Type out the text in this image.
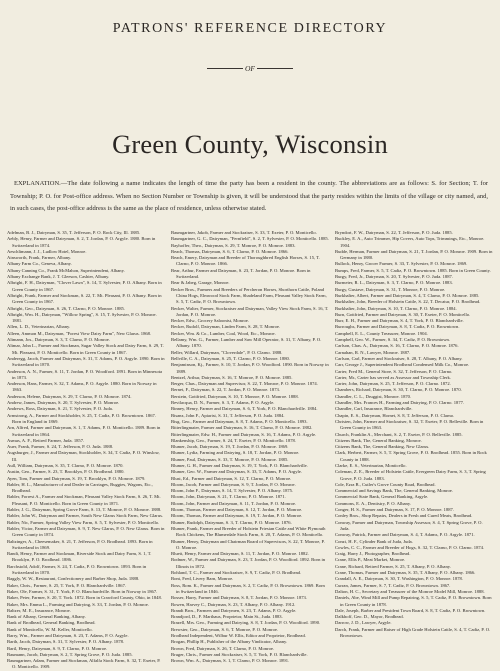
PATRONS' REFERENCE DIRECTORY
OF
Green County, Wisconsin
EXPLANATION.—The date following a name indicates the length of time the party has been a resident in the county. The abbreviations are as follows: S. for Section; T. for Township; P. O. for Post-office address. When no Section Number or Township is given, it will be understood that the party resides within the limits of the village or city named, and, in such cases, the post-office address is the same as the place of residence, unless otherwise stated.
Adelman, B. J., Dairyman, S. 35, T. Jefferson, P. O. Rock City, Ill. 1885.
Aebly, Henry, Farmer and Dairyman, S. 2, T. Jordan, P. O. Argyle. 1880. Born in Switzerland in 1874.
Aeschlimann, J. J., Ludlow Hotel, Monroe.
Ainsworth, Frank, Farmer, Albany.
Albany Farm Co., Geneva, Albany.
Albany Canning Co., Frank McMahon, Superintendent, Albany.
Albany Exchange Bank, J. T. Gleeson, Cashier, Albany.
Albright, F. H., Dairyman, "Clover Lawn", S. 14, T. Sylvester, P. O. Albany. Born in Green County in 1867.
Albright, Frank, Farmer and Stockman, S. 22, T. Mt. Pleasant, P. O. Albany. Born in Green County in 1867.
Albright, Geo., Dairyman, S. 26, T. Clarno, P. O. Monroe. 1885.
Albright, Wm. H., Dairyman, "Willow Spring", S. 15, T. Sylvester, P. O. Monroe. 1881.
Allen, L. D., Veterinarian, Albany.
Alleen, Ammon M., Dairyman, "Forest View Dairy Farm", New Glarus. 1868.
Altmann, Jos., Dairyman, S. 3, T. Clarno, P. O. Monroe.
Altmar, John L., Farmer and Stockman, Sugar Valley Stock and Dairy Farm, S. 29, T. Mt. Pleasant, P. O. Monticello. Born in Green County in 1867.
Anderegg, Jacob, Farmer and Dairyman, S. 31, T. Adams, P. O. Argyle. 1890. Born in Switzerland in 1870.
Anderson, A. N., Farmer, S. 11, T. Jordan, P. O. Woodford. 1891. Born in Minnesota in 1873.
Anderson, Hans, Farmer, S. 32, T. Adams, P. O. Argyle. 1880. Born in Norway in 1863.
Anderson, Helene, Dairyman, S. 29, T. Clarno, P. O. Monroe. 1874.
Andrew, James, Dairyman, S. 20, T. Sylvester, P. O. Monroe.
Andrews, Ross, Dairyman, S. 21, T. Sylvester, P. O. Juda.
Armstrong, A., Farmer and Stockholder, S. 25, T. Cadiz, P. O. Browntown. 1867. Born in England in 1869.
Arn, Alfred, Farmer and Dairyman, S. 1, T. Adams, P. O. Monticello. 1889. Born in Switzerland in 1864.
Asmus, A. F., Retired Farmer, Juda. 1857.
Auer, Frank, Farmer, S. 24, T. Jefferson, P. O. Juda. 1888.
Augsburger, J., Farmer and Dairyman, Stockholder, S. 34, T. Cadiz, P. O. Winslow, Ill.
Aull, William, Dairyman, S. 35, T. Clarno, P. O. Monroe. 1870.
Austin, Geo., Farmer, S. 23, T. Brooklyn, P. O. Brodhead. 1880.
Ayen, Tom, Farmer and Dairyman, S. 19, T. Brooklyn, P. O. Monroe. 1879.
Babler, H. L., Manufacturer of and Dealer in Carriages, Buggies, Wagons, Etc., Brodhead.
Babler, Forrest A., Farmer and Stockman, Pleasant Valley Stock Farm, S. 26, T. Mt. Pleasant, P. O. Monticello. Born in Green County in 1871.
Babler, J. G., Dairyman, Spring Grove Farm, S. 13, T. Monroe, P. O. Monroe. 1888.
Babler, John W., Dairyman and Farmer, South New Glarus Stock Farm, New Glarus.
Babler, Nic, Farmer, Spring Valley View Farm, S. 5, T. Sylvester, P. O. Monticello.
Babler, Victor, Farmer and Dairyman, S. 9, T. New Glarus, P. O. New Glarus. Born in Green County in 1874.
Baltzinger, A., Cheesemaker, S. 21, T. Jefferson, P. O. Brodhead. 1893. Born in Switzerland in 1869.
Bandi, Henry, Farmer and Stockman, Riverside Stock and Dairy Farm, S. 1, T. Brooklyn, P. O. Brodhead. 1886.
Barchstold, Adolf, Farmer, S. 24, T. Cadiz, P. O. Browntown. 1893. Born in Switzerland in 1870.
Baggly, W. W., Restaurant, Confectionery and Barber Shop, Juda. 1888.
Baker, Chris., Farmer, S. 25, T. York, P. O. Blanchardville. 1867.
Baker, Ole, Farmer, S. 31, T. York, P. O. Blanchardville. Born in Norway in 1867.
Baker, Peter, Farmer, S. 20, T. York. 1872. Born in Crawford County, Ohio, in 1848.
Baker, Mrs. Emma L., Farming and Dairying, S. 33, T. Jordan, P. O. Monroe.
Baltzer, M. E., Insurance, Monroe.
Bank of Albany, General Banking, Albany.
Bank of Brodhead, General Banking, Brodhead.
Bank of Monticello, W. M. Keller, Monticello.
Barry, Wm., Farmer and Dairyman, S. 23, T. Adams, P. O. Argyle.
Barth, Jacob, Dairyman, S. 31, T. Sylvester, P. O. Albany. 1878.
Bartl, Henry, Dairyman, S. 9, T. Clarno, P. O. Monroe.
Baumann, Jacob, Dairyman, S. 2, T. Spring Grove, P. O. Juda. 1885.
Baumgartner, Adam, Farmer and Stockman, Alfalfa Stock Farm, S. 32, T. Exeter, P. O. Monticello. 1909.
Baumgartner, Jakob, Farmer and Stockraiser, S. 33, T. Exeter, P. O. Monticello.
Baumgartner, G. C., Dairyman, "Fernfield", S. 2, T. Sylvester, P. O. Monticello. 1885.
Bayhoffer, Theo., Dairyman, S. 29, T. Monroe, P. O. Monroe. 1883.
Beach, Thomas, Dairyman, S. 6, T. Clarno, P. O. Monroe. 1866.
Beach, Emery, Dairyman and Breeder of Thoroughbred English Horses, S. 15, T. Clarno, P. O. Monroe. 1866.
Bear, Arthur, Farmer and Dairyman, S. 23, T. Jordan, P. O. Monroe. Born in Switzerland.
Bear & Jabeg, Garage, Monroe.
Becker Bros., Farmers and Breeders of Percheron Horses, Shorthorn Cattle, Poland China Hogs, Elmwood Stock Farm, Shadeland Farm, Pleasant Valley Stock Farm, S. 5, T. Cadiz, P. O. Browntown.
Becker, Walter, Farmer, Stockraiser and Dairyman, Valley View Stock Farm, S. 16, T. Jordan, P. O. Monroe.
Becker, Edw., Grocery Saloonist, Monroe.
Becker, Rudolf, Dairyman, Linden Farm, S. 28, T. Monroe.
Becker, Wm. & Co., Lumber, Coal, Wood, Etc., Monroe.
Bellamy, Wm. G., Farmer, Lumber and Saw Mill Operator, S. 31, T. Albany, P. O. Albany. 1870.
Beller, Willard, Dairyman, "Cloverdale", P. O. Clarno. 1888.
Bellville, C. A., Dairyman, S. 25, T. Clarno, P. O. Monroe. 1880.
Benjaminson, Kj., Farmer, S. 10, T. Jordan, P. O. Woodford. 1890. Born in Norway in 1889.
Bentzel, Arthur, Dairyman, S. 16, T. Monroe, P. O. Monroe. 1885.
Berger, Chas., Dairyman and Supervisor, S. 22, T. Monroe, P. O. Monroe. 1874.
Bernet, F., Dairyman, S. 22, T. Jordan, P. O. Monroe. 1873.
Berstein, Gottfried, Dairyman, S. 10, T. Monroe, P. O. Monroe. 1888.
Bevilacqua, D. N., Farmer, S. 3, T. Adams, P. O. Argyle.
Binney, Henry, Farmer and Dairyman, S. 6, T. York, P. O. Blanchardville. 1884.
Bisanz, John F., Apiarist, S. 31, T. Jefferson, P. O. Juda. 1884.
Bisg, Geo., Farmer and Dairyman, S. 8, T. Adams, P. O. Monticello. 1893.
Bitterlingmaier, Farmer and Dairyman, S. 16, T. Clarno, P. O. Monroe. 1882.
Bitterlingmaier, Edw. H., Farmer and Dairyman, S. 16, T. Adams, P. O. Argyle.
Blankenship, Geo., Farmer, S. 24, T. Exeter, P. O. Monticello. 1878.
Blumer, Jacob, Dairyman, S. 19, T. Jordan, P. O. Monroe. 1869.
Blumer, Lydia, Farming and Dairying, S. 18, T. Jordan, P. O. Monroe.
Blumer, Paul, Dairyman, S. 33, T. Monroe, P. O. Monroe. 1885.
Blumer, G. H., Farmer and Dairyman, S. 19, T. York, P. O. Blanchardville.
Blumer, Geo. W., Farmer and Dairyman, S. 33, T. Adams, P. O. Argyle.
Blust, Ed., Farmer and Dairyman, S. 12, T. Clarno, P. O. Monroe.
Bloom, Jacob, Farmer and Dairyman, S. 9, T. Jordan, P. O. Monroe.
Bloom, John F., Dairyman, S. 14, T. Sylvester, P. O. Albany. 1875.
Bloom, John, Dairyman, S. 21, T. Clarno, P. O. Monroe. 1871.
Bloom, John, Farmer and Dairyman, S. 11, T. Jordan, P. O. Monroe.
Bloom, Thomas, Farmer and Dairyman, S. 12, T. Jordan, P. O. Monroe.
Bloom, Thomas, Farmer and Dairyman, S. 19, T. Jordan, P. O. Monroe.
Blumer, Rudolph, Dairyman, S. 3, T. Clarno, P. O. Monroe. 1876.
Blumer, Frank, Farmer and Breeder of Holstein Friesian Cattle and White Plymouth Rock Chickens, The Blumerdale Stock Farm, S. 20, T. Adams, P. O. Monticello.
Blumer, Henry, Dairyman and Chairman Board of Supervisors, S. 22, T. Monroe, P. O. Monroe.
Bluett, Henry, Farmer and Dairyman, S. 11, T. Jordan, P. O. Monroe. 1882.
Bodmer, W., Farmer and Dairyman, S. 23, T. Jordan, P. O. Woodford. 1892. Born in Illinois in 1872.
Bohland, T. C., Farmer and Stockraiser, S. 9, T. Cadiz, P. O. Brodhead.
Bont, Fred, Livery Barn, Monroe.
Boss, Rom. K., Farmer and Dairyman, S. 2, T. Cadiz, P. O. Browntown. 1869. Born in Switzerland in 1846.
Bosser, Harry, Farmer and Dairyman, S. 8, T. Jordan, P. O. Monroe. 1873.
Bowen, Harvey C., Dairyman, S. 23, T. Albany, P. O. Albany. 1912.
Brandt Bros., Farmers and Dairymen, S. 23, T. Adams, P. O. Argyle.
Brandjord, D., F. Marthaus, Proprietor, Main St., Juda. 1883.
Brazell, Mrs. Geo., Farming and Dairying, S. 8, T. Jordan, P. O. Woodford. 1890.
Brewster, Geo., Dairyman, S. 6, T. Monroe, P. O. Monroe.
Brodhead Independent, Wilbur W. Ellis, Editor and Proprietor, Brodhead.
Brogan, Phillip H., Publisher of the Albany Vindicator, Albany.
Brown, Fred, Dairyman, S. 26, T. Clarno, P. O. Monroe.
Bruger, Chris., Farmer and Stockraiser, S. 5, T. York, P. O. Blanchardville.
Brown, Wm. A., Dairyman, S. 1, T. Clarno, P. O. Monroe. 1891.
Bryndort, F. W., Dairyman, S. 22, T. Jefferson, P. O. Juda. 1885.
Buckley, E. A., Auto Trimmer, Hip Covers, Auto Tops, Trimmings, Etc., Monroe. 1904.
Budde, Herman, Farmer and Dairyman, S. 21, T. Jordan, P. O. Monroe. 1909. Born in Germany in 1880.
Bullock, Henry, Grocer Farmer, S. 33, T. Sylvester, P. O. Monroe. 1869.
Bumps, Fred, Farmer, S. 5, T. Cadiz, P. O. Browntown. 1885. Born in Green County.
Burgy, Fred, Jr., Dairyman, S. 20, T. Sylvester, P. O. Juda. 1887.
Burmeier, R. L., Dairyman, S. 3, T. Clarno, P. O. Monroe. 1883.
Burgy, Gustave, Dairyman, S. 31, T. Monroe, P. O. Monroe.
Burkhalter, Albert, Farmer and Dairyman, S. 4, T. Clarno, P. O. Monroe. 1885.
Burkhalter, John, Breeder of Holstein Cattle, S. 22, T. Decatur, P. O. Brodhead.
Burkhalter, John, Dairyman, S. 10, T. Clarno, P. O. Monroe. 1884.
Burn, Gottfried, Farmer and Dairyman, S. 30, T. Exeter, P. O. Monticello.
Burr, E. H., Farmer and Dairyman, S. 4, T. York, P. O. Blanchardville.
Burroughs, Farmer and Dairyman, S. 8, T. Cadiz, P. O. Browntown.
Campbell, E. L., County Treasurer, Monroe. 1904.
Campbell, Geo. W., Farmer, S. 34, T. Cadiz, P. O. Browntown.
Carlson, Chas. A., Dairyman, S. 16, T. Clarno, P. O. Monroe. 1876.
Carnahan, R. N., Lawyer, Monroe. 1887.
Carlson, Carl, Farmer and Stockraiser, S. 28, T. Albany, P. O. Albany.
Carr, George J., Superintendent Brodhead Condensed Milk Co., Monroe.
Carter, Fred M., General Store, S. 32, T. Jefferson, P. O. Clarno.
Carter, Mr., Carter has served as Assessor and Township Clerk.
Carter, John, Dairyman, S. 25, T. Jefferson, P. O. Clarno. 1872.
Chambers, Richard, Dairyman, S. 30, T. Clarno, P. O. Monroe. 1870.
Chandler, C. L., Druggist, Monroe. 1870.
Chandler, Mrs. Frances H., Farming and Dairying, P. O. Clarno. 1877.
Chandler, Carl, Insurance, Blanchardville.
Chapin, E. S., Dairyman, Hornet, S. 8, T. Jefferson, P. O. Clarno.
Christen, John, Farmer and Stockraiser, S. 32, T. Exeter, P. O. Belleville. Born in Green County in 1863.
Church, Franklin A., Merchant, S. 2, T. Exeter, P. O. Belleville. 1885.
Citizens Bank, The, General Banking, Monroe.
Citizens Bank, The, General Banking, New Glarus.
Clark, Herbert, Farmer, S. 5, T. Spring Grove, P. O. Brodhead. 1855. Born in Rock County in 1888.
Clarke, E. S., Veterinarian, Monticello.
Coleman, Z. E., Breeder of Holstein Cattle, Evergreen Dairy Farm, S. 3, T. Spring Grove, P. O. Juda. 1883.
Cole, Ezra B., Cutler's Grove County Road, Brodhead.
Commercial and Savings Bank, The, General Banking, Monroe.
Commercial State Bank, General Banking, Argyle.
Commons, E. A., Dentistry, P. O. Albany.
Conger, H. S., Farmer and Dairyman, S. 17, P. O. Monroe. 1887.
Conley Bros., Shop Repairs, Dealers in Fresh and Cured Meats, Brodhead.
Conway, Farmer and Dairyman, Township Assessor, S. 4, T. Spring Grove, P. O. Juda.
Conway, Patrick, Farmer and Dairyman, S. 4, T. Adams, P. O. Argyle. 1871.
Conzi, H. F., Cylinder Bank of Juda, Juda.
Cowles, C. C., Farmer and Breeder of Hogs, S. 32, T. Clarno, P. O. Clarno. 1874.
Craig, Harry J., Photographer, Brodhead.
Crane, Ellis P., Meat Market, Monroe.
Crane, Richard, Retired Farmer, S. 25, T. Albany, P. O. Albany.
Crane, Thomas, Farmer and Dairyman, S. 35, T. Albany, P. O. Albany. 1866.
Crandall, A. E., Dairyman, S. 30, T. Washington, P. O. Monroe. 1878.
Curran, James, Farmer, S. 7, T. Cadiz, P. O. Browntown. 1867.
Dalton, H. C., Secretary and Treasurer of the Monroe Model Mill, Monroe. 1888.
Daniels, Abe, Wind Mill and Pump Repairing, S. 5, T. Cadiz, P. O. Browntown. Born in Green County in 1878.
Dale, Joseph, Barber and President Town Board, S. 8, T. Cadiz, P. O. Browntown.
Dalkhoff, Geo. D., Mayor, Brodhead.
Darrow, J. D., Lawyer, Argyle.
Darch, Frank, Farmer and Raiser of High Grade Holstein Cattle, S. 4, T. Cadiz, P. O. Browntown.
